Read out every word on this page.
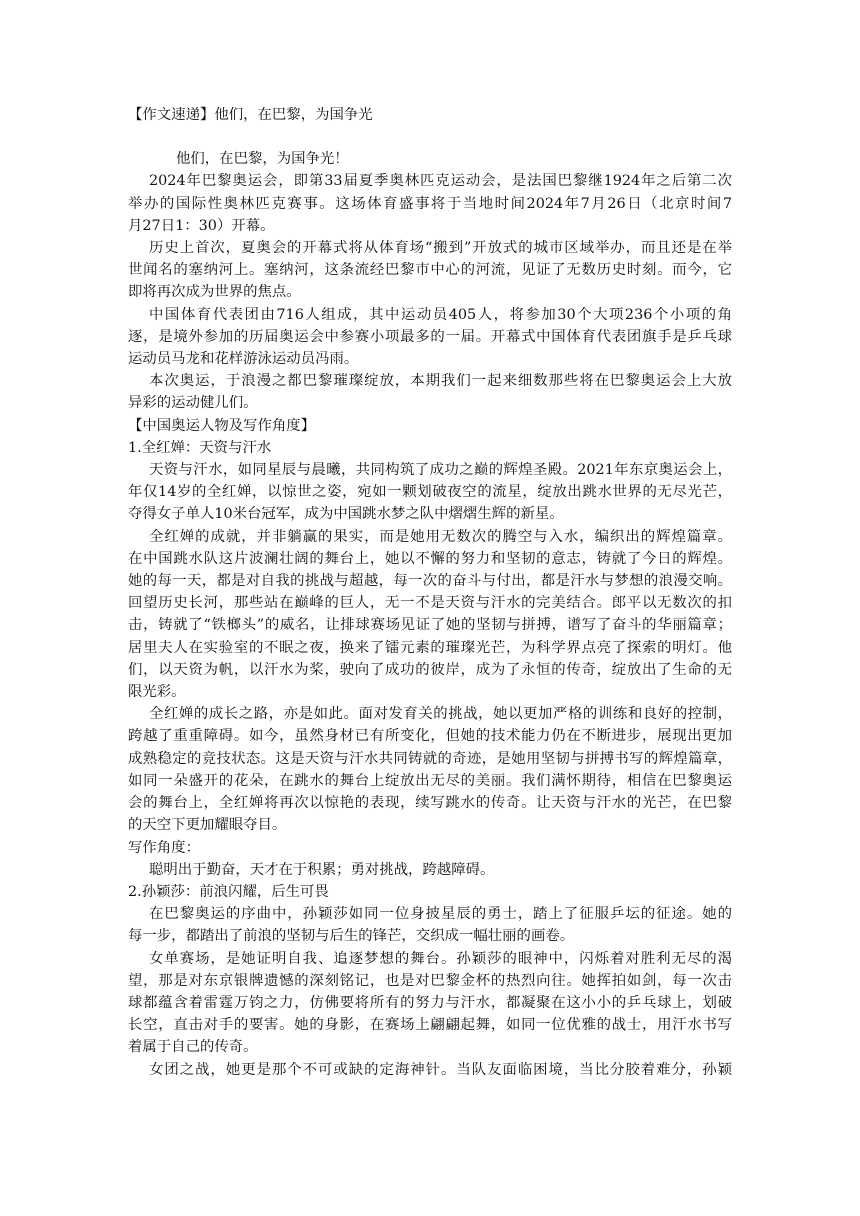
【作文速递】他们，在巴黎，为国争光
他们，在巴黎，为国争光！
2024年巴黎奥运会，即第33届夏季奥林匹克运动会，是法国巴黎继1924年之后第二次
举办的国际性奥林匹克赛事。这场体育盛事将于当地时间2024年7月26日（北京时间7
月27日1：30）开幕。
历史上首次，夏奥会的开幕式将从体育场“搬到”开放式的城市区域举办，而且还是在举
世闻名的塞纳河上。塞纳河，这条流经巴黎市中心的河流，见证了无数历史时刻。而今，它
即将再次成为世界的焦点。
中国体育代表团由716人组成，其中运动员405人，将参加30个大项236个小项的角
逐，是境外参加的历届奥运会中参赛小项最多的一届。开幕式中国体育代表团旗手是乒乓球
运动员马龙和花样游泳运动员冯雨。
本次奥运，于浪漫之都巴黎璀璨绽放，本期我们一起来细数那些将在巴黎奥运会上大放
异彩的运动健儿们。
【中国奥运人物及写作角度】
1.全红婵：天资与汗水
天资与汗水，如同星辰与晨曦，共同构筑了成功之巅的辉煌圣殿。2021年东京奥运会上，
年仅14岁的全红婵，以惊世之姿，宛如一颗划破夜空的流星，绽放出跳水世界的无尽光芒，
夺得女子单人10米台冠军，成为中国跳水梦之队中熠熠生辉的新星。
全红婵的成就，并非躺赢的果实，而是她用无数次的腾空与入水，编织出的辉煌篇章。
在中国跳水队这片波澜壮阔的舞台上，她以不懈的努力和坚韧的意志，铸就了今日的辉煌。
她的每一天，都是对自我的挑战与超越，每一次的奋斗与付出，都是汗水与梦想的浪漫交响。
回望历史长河，那些站在巅峰的巨人，无一不是天资与汗水的完美结合。郎平以无数次的扣
击，铸就了“铁榔头”的威名，让排球赛场见证了她的坚韧与拼搏，谱写了奋斗的华丽篇章；
居里夫人在实验室的不眠之夜，换来了镭元素的璀璨光芒，为科学界点亮了探索的明灯。他
们，以天资为帆，以汗水为桨，驶向了成功的彼岸，成为了永恒的传奇，绽放出了生命的无
限光彩。
全红婵的成长之路，亦是如此。面对发育关的挑战，她以更加严格的训练和良好的控制，
跨越了重重障碍。如今，虽然身材已有所变化，但她的技术能力仍在不断进步，展现出更加
成熟稳定的竞技状态。这是天资与汗水共同铸就的奇迹，是她用坚韧与拼搏书写的辉煌篇章，
如同一朵盛开的花朵，在跳水的舞台上绽放出无尽的美丽。我们满怀期待，相信在巴黎奥运
会的舞台上，全红婵将再次以惊艳的表现，续写跳水的传奇。让天资与汗水的光芒，在巴黎
的天空下更加耀眼夺目。
写作角度：
聪明出于勤奋，天才在于积累；勇对挑战，跨越障碍。
2.孙颖莎：前浪闪耀，后生可畏
在巴黎奥运的序曲中，孙颖莎如同一位身披星辰的勇士，踏上了征服乒坛的征途。她的
每一步，都踏出了前浪的坚韧与后生的锋芒，交织成一幅壮丽的画卷。
女单赛场，是她证明自我、追逐梦想的舞台。孙颖莎的眼神中，闪烁着对胜利无尽的渴
望，那是对东京银牌遗憾的深刻铭记，也是对巴黎金杯的热烈向往。她挥拍如剑，每一次击
球都蕴含着雷霆万钧之力，仿佛要将所有的努力与汗水，都凝聚在这小小的乒乓球上，划破
长空，直击对手的要害。她的身影，在赛场上翩翩起舞，如同一位优雅的战士，用汗水书写
着属于自己的传奇。
女团之战，她更是那个不可或缺的定海神针。当队友面临困境，当比分胶着难分，孙颖
